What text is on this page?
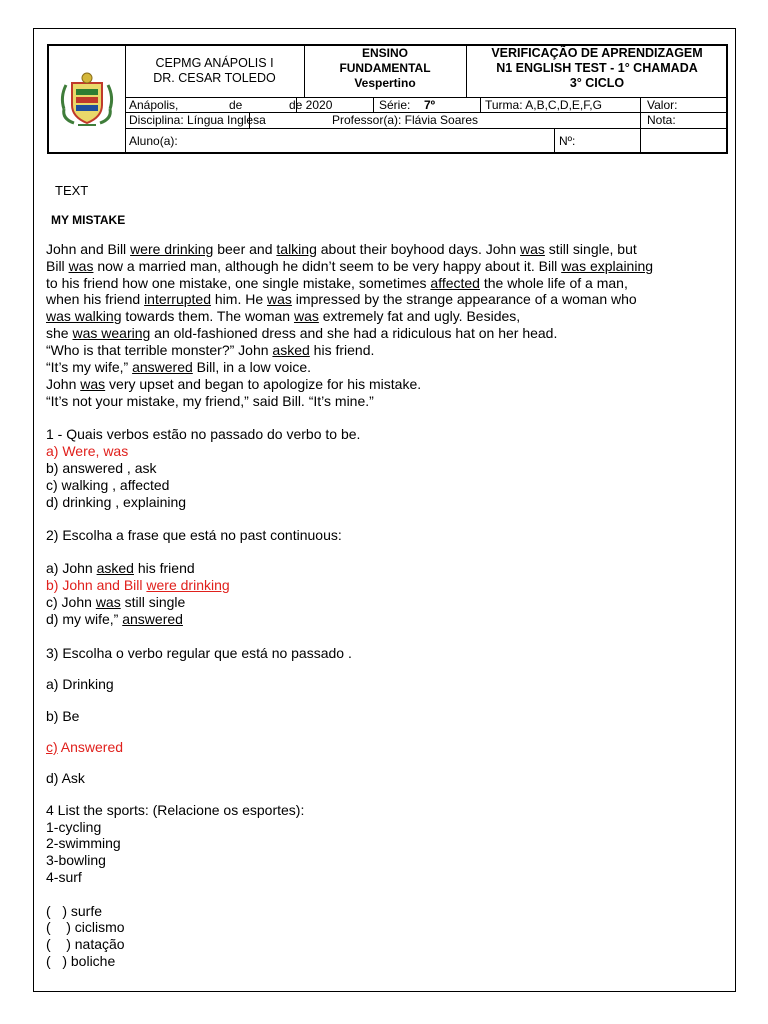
CEPMG ANÁPOLIS I
DR. CESAR TOLEDO
ENSINO
FUNDAMENTAL
Vespertino
VERIFICAÇÃO DE APRENDIZAGEM
N1 ENGLISH TEST - 1° CHAMADA
3° CICLO
Anápolis,	de	de 2020	Série: 7º	Turma: A,B,C,D,E,F,G	Valor:
Disciplina: Língua Inglesa	Professor(a): Flávia Soares	Nota:
Aluno(a):	Nº:
TEXT
MY MISTAKE
John and Bill were drinking beer and talking about their boyhood days. John was still single, but
Bill was now a married man, although he didn’t seem to be very happy about it. Bill was explaining
to his friend how one mistake, one single mistake, sometimes affected the whole life of a man,
when his friend interrupted him. He was impressed by the strange appearance of a woman who
was walking towards them. The woman was extremely fat and ugly. Besides,
she was wearing an old-fashioned dress and she had a ridiculous hat on her head.
“Who is that terrible monster?” John asked his friend.
“It’s my wife,” answered Bill, in a low voice.
John was very upset and began to apologize for his mistake.
“It’s not your mistake, my friend,” said Bill. “It’s mine.”
1 - Quais verbos estão no passado do verbo to be.
a) Were, was
b) answered , ask
c) walking , affected
d) drinking , explaining
2) Escolha a frase que está no past continuous:
a) John asked his friend
b) John and Bill were drinking
c) John was still single
d) my wife,” answered
3) Escolha o verbo regular que está no passado .
a) Drinking
b) Be
c) Answered
d) Ask
4 List the sports: (Relacione os esportes):
1-cycling
2-swimming
3-bowling
4-surf
(   ) surfe
(    ) ciclismo
(    ) natação
(   ) boliche
